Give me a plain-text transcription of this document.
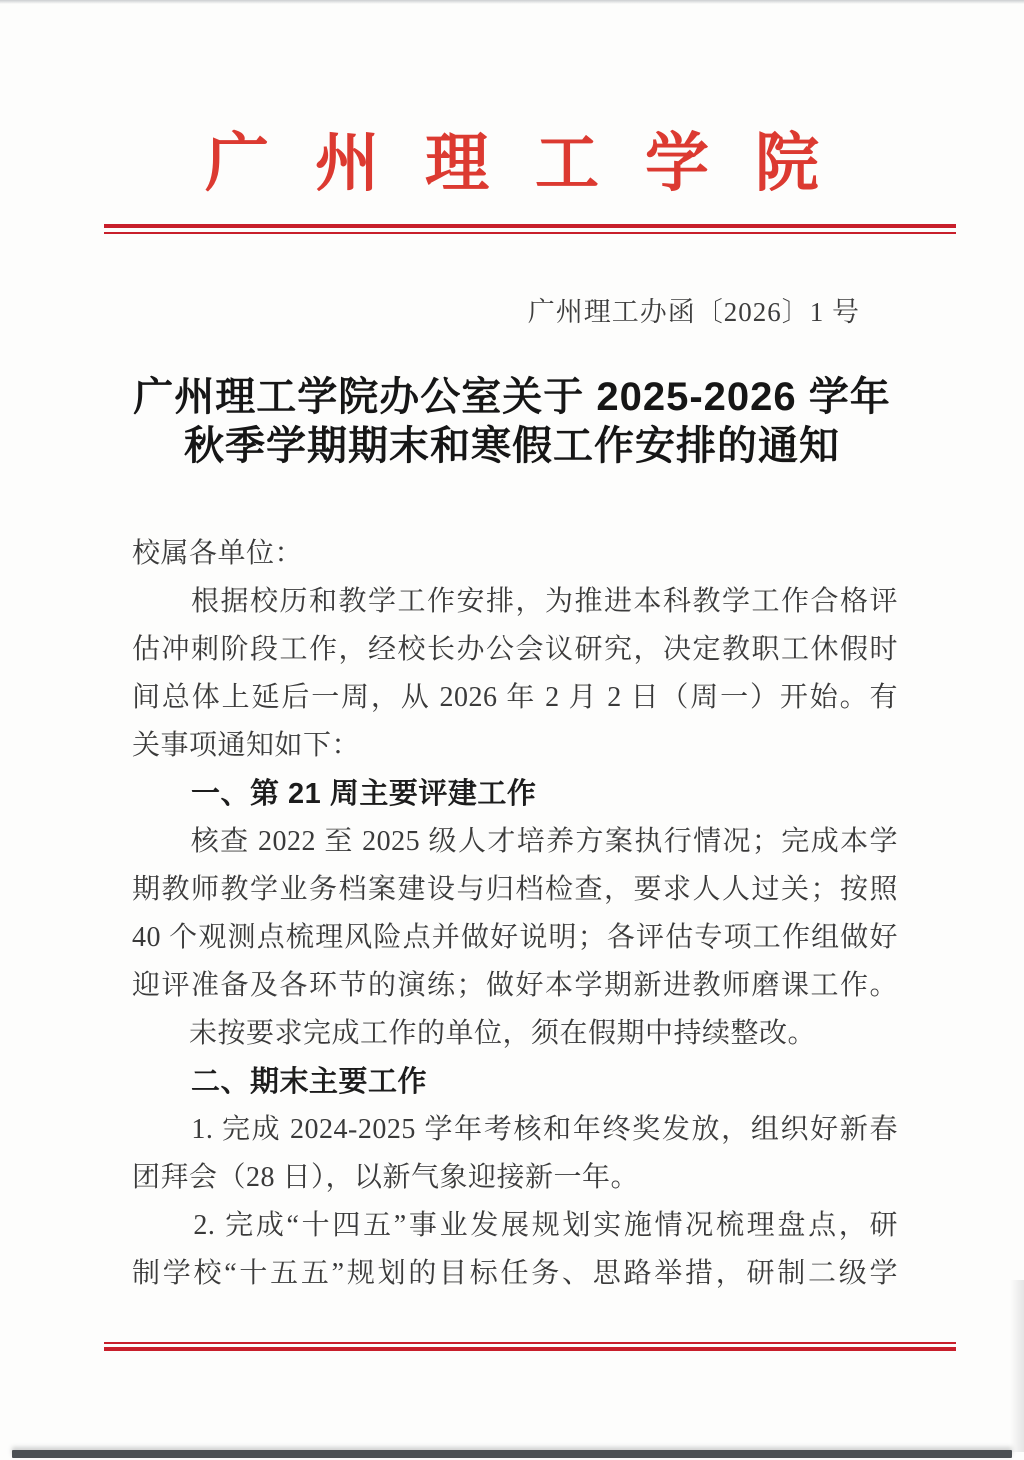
广州理工学院
广州理工办函〔2026〕1 号
广州理工学院办公室关于 2025-2026 学年
秋季学期期末和寒假工作安排的通知
校属各单位：
　　根据校历和教学工作安排，为推进本科教学工作合格评
估冲刺阶段工作，经校长办公会议研究，决定教职工休假时
间总体上延后一周，从 2026 年 2 月 2 日（周一）开始。有
关事项通知如下：
　　一、第 21 周主要评建工作
　　核查 2022 至 2025 级人才培养方案执行情况；完成本学
期教师教学业务档案建设与归档检查，要求人人过关；按照
40 个观测点梳理风险点并做好说明；各评估专项工作组做好
迎评准备及各环节的演练；做好本学期新进教师磨课工作。
　　未按要求完成工作的单位，须在假期中持续整改。
　　二、期末主要工作
　　1. 完成 2024-2025 学年考核和年终奖发放，组织好新春
团拜会（28 日），以新气象迎接新一年。
　　2. 完成“十四五”事业发展规划实施情况梳理盘点，研
制学校“十五五”规划的目标任务、思路举措，研制二级学
